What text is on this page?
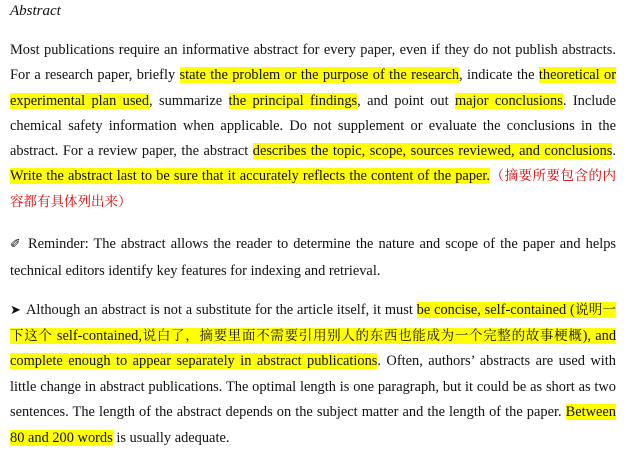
Abstract

Most publications require an informative abstract for every paper, even if they do not publish abstracts. For a research paper, briefly state the problem or the purpose of the research, indicate the theoretical or experimental plan used, summarize the principal findings, and point out major conclusions. Include chemical safety information when applicable. Do not supplement or evaluate the conclusions in the abstract. For a review paper, the abstract describes the topic, scope, sources reviewed, and conclusions. Write the abstract last to be sure that it accurately reflects the content of the paper.（摘要所要包含的内容都有具体列出来）

✐ Reminder: The abstract allows the reader to determine the nature and scope of the paper and helps technical editors identify key features for indexing and retrieval.

➤ Although an abstract is not a substitute for the article itself, it must be concise, self-contained (说明一下这个 self-contained,说白了，摘要里面不需要引用别人的东西也能成为一个完整的故事梗概), and complete enough to appear separately in abstract publications. Often, authors’ abstracts are used with little change in abstract publications. The optimal length is one paragraph, but it could be as short as two sentences. The length of the abstract depends on the subject matter and the length of the paper. Between 80 and 200 words is usually adequate.
